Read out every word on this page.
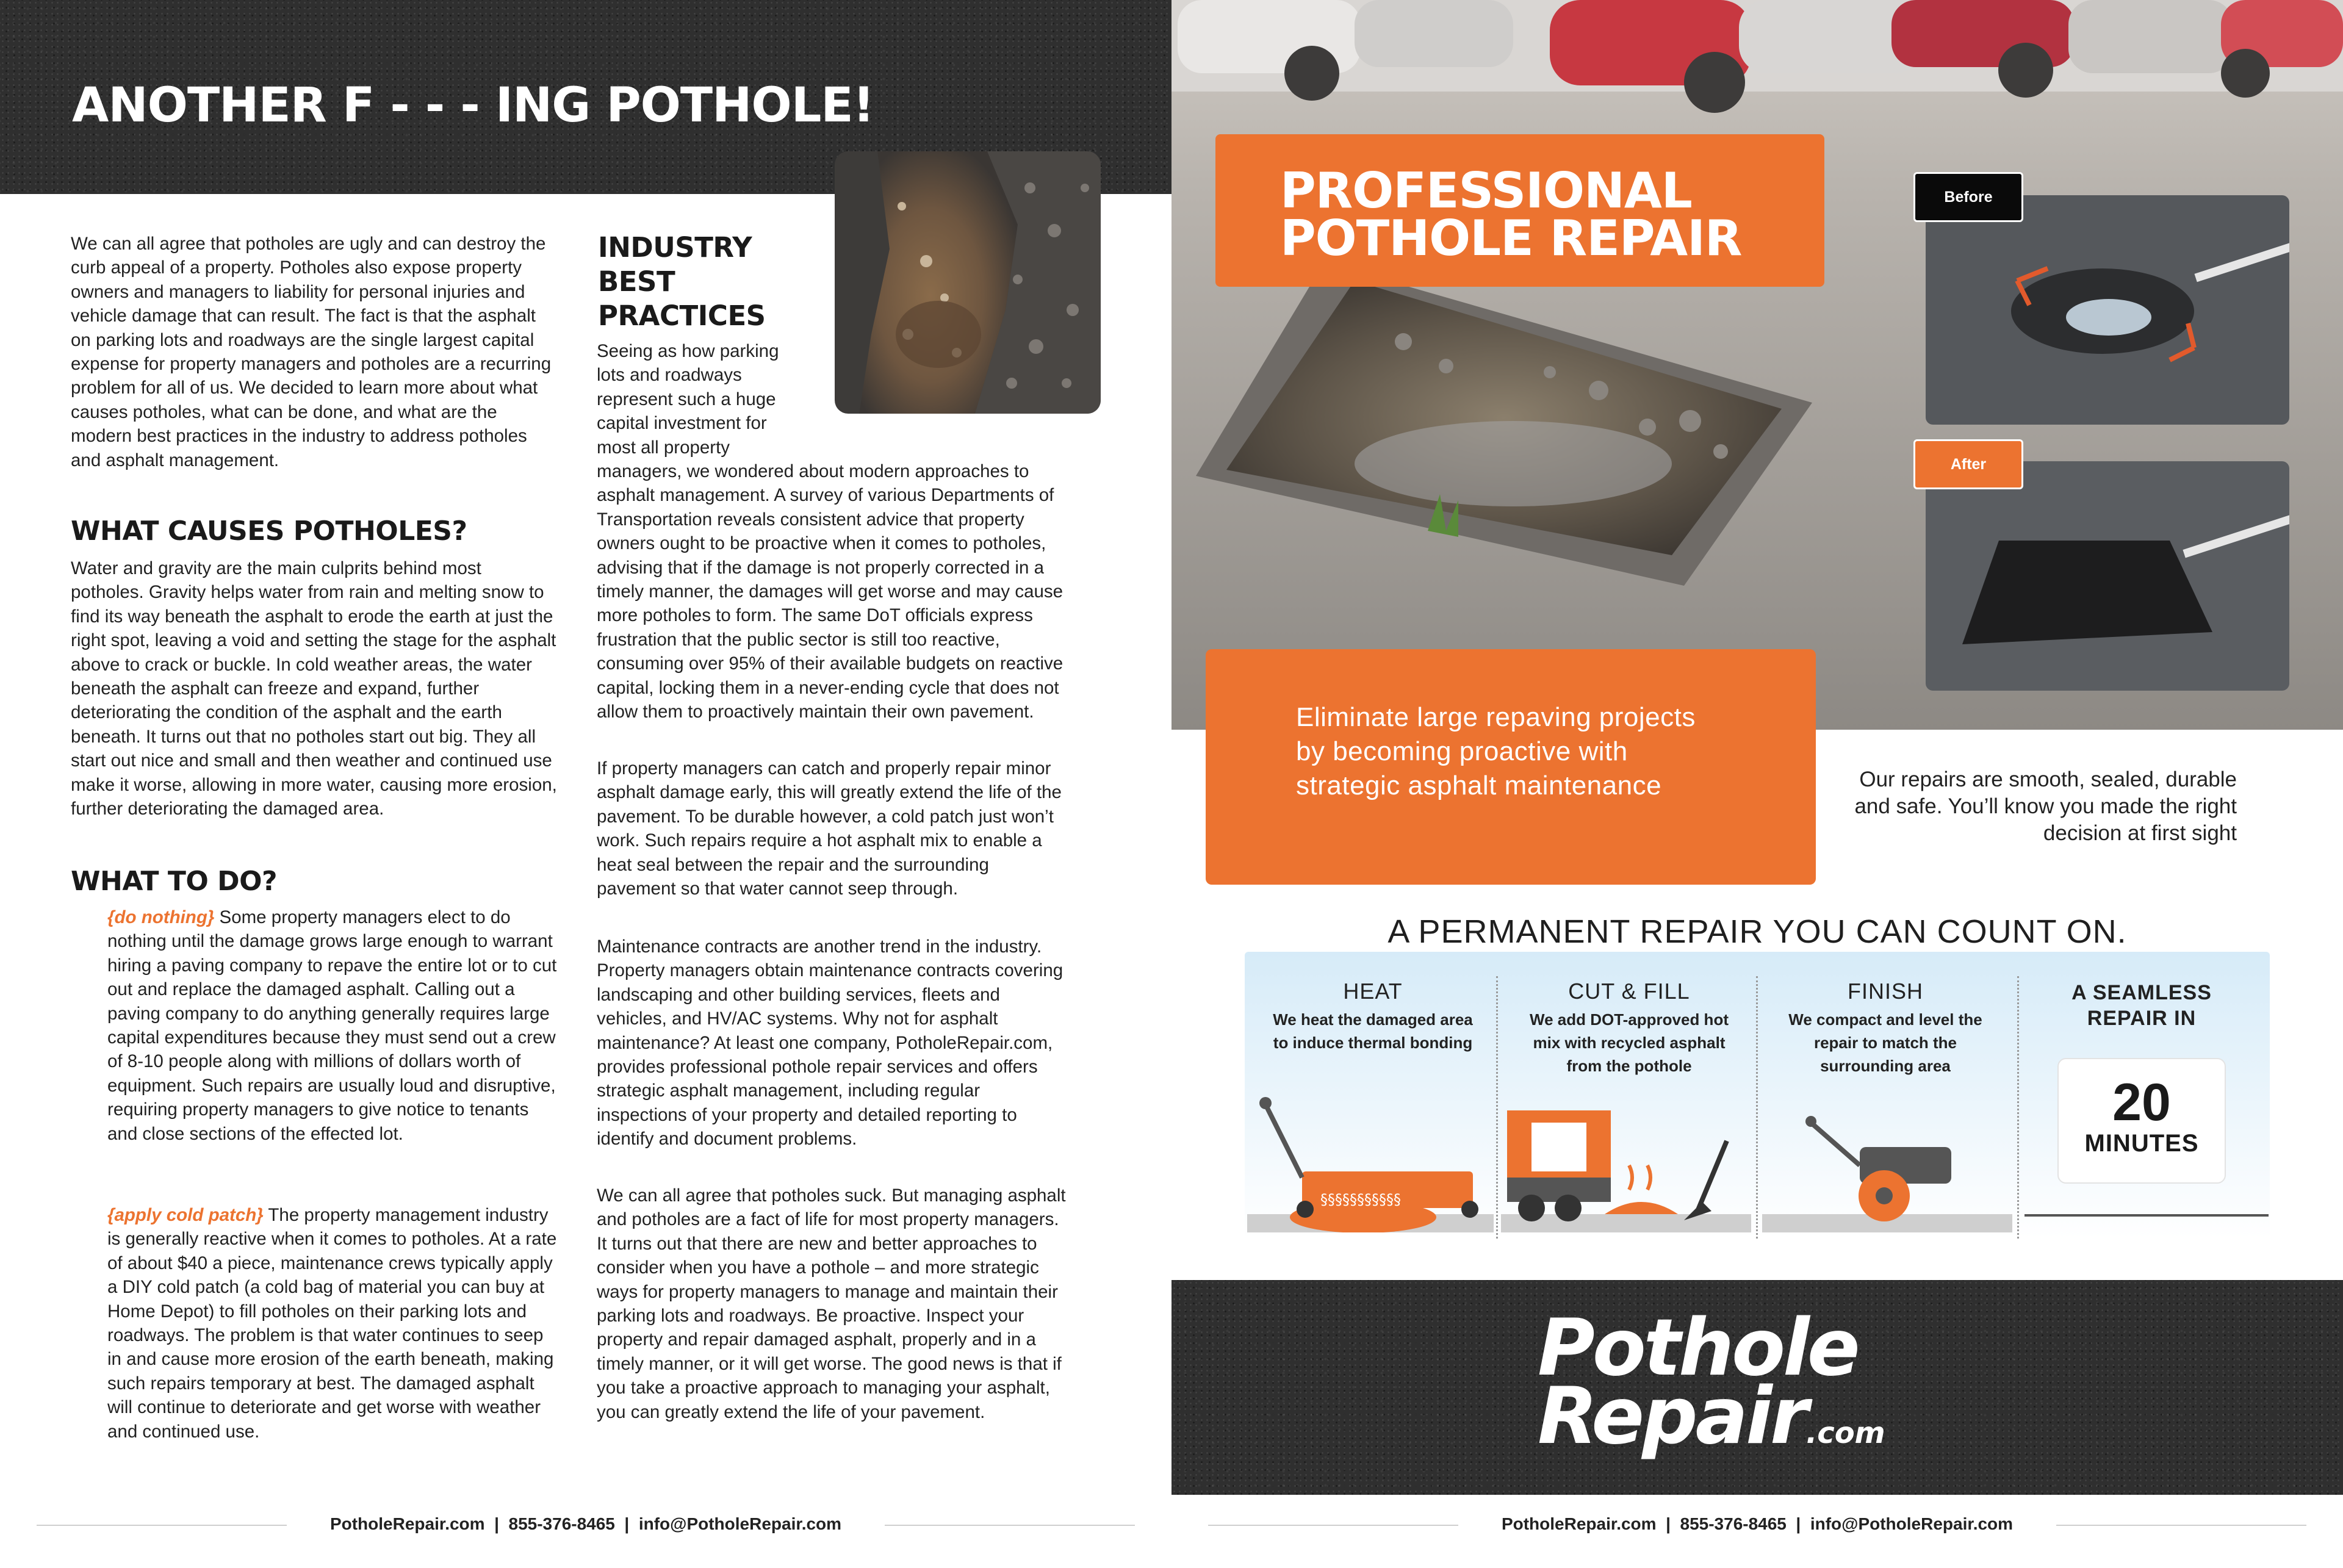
ANOTHER F - - - ING POTHOLE!
We can all agree that potholes are ugly and can destroy the curb appeal of a property. Potholes also expose property owners and managers to liability for personal injuries and vehicle damage that can result. The fact is that the asphalt on parking lots and roadways are the single largest capital expense for property managers and potholes are a recurring problem for all of us. We decided to learn more about what causes potholes, what can be done, and what are the modern best practices in the industry to address potholes and asphalt management.
WHAT CAUSES POTHOLES?
Water and gravity are the main culprits behind most potholes. Gravity helps water from rain and melting snow to find its way beneath the asphalt to erode the earth at just the right spot, leaving a void and setting the stage for the asphalt above to crack or buckle. In cold weather areas, the water beneath the asphalt can freeze and expand, further deteriorating the condition of the asphalt and the earth beneath. It turns out that no potholes start out big. They all start out nice and small and then weather and continued use make it worse, allowing in more water, causing more erosion, further deteriorating the damaged area.
WHAT TO DO?
{do nothing} Some property managers elect to do nothing until the damage grows large enough to warrant hiring a paving company to repave the entire lot or to cut out and replace the damaged asphalt. Calling out a paving company to do anything generally requires large capital expenditures because they must send out a crew of 8-10 people along with millions of dollars worth of equipment. Such repairs are usually loud and disruptive, requiring property managers to give notice to tenants and close sections of the effected lot.
{apply cold patch} The property management industry is generally reactive when it comes to potholes. At a rate of about $40 a piece, maintenance crews typically apply a DIY cold patch (a cold bag of material you can buy at Home Depot) to fill potholes on their parking lots and roadways. The problem is that water continues to seep in and cause more erosion of the earth beneath, making such repairs temporary at best. The damaged asphalt will continue to deteriorate and get worse with weather and continued use.
INDUSTRY BEST PRACTICES
Seeing as how parking lots and roadways represent such a huge capital investment for most all property managers, we wondered about modern approaches to asphalt management. A survey of various Departments of Transportation reveals consistent advice that property owners ought to be proactive when it comes to potholes, advising that if the damage is not properly corrected in a timely manner, the damages will get worse and may cause more potholes to form. The same DoT officials express frustration that the public sector is still too reactive, consuming over 95% of their available budgets on reactive capital, locking them in a never-ending cycle that does not allow them to proactively maintain their own pavement.
If property managers can catch and properly repair minor asphalt damage early, this will greatly extend the life of the pavement. To be durable however, a cold patch just won’t work. Such repairs require a hot asphalt mix to enable a heat seal between the repair and the surrounding pavement so that water cannot seep through.
Maintenance contracts are another trend in the industry. Property managers obtain maintenance contracts covering landscaping and other building services, fleets and vehicles, and HV/AC systems. Why not for asphalt maintenance? At least one company, PotholeRepair.com, provides professional pothole repair services and offers strategic asphalt management, including regular inspections of your property and detailed reporting to identify and document problems.
We can all agree that potholes suck. But managing asphalt and potholes are a fact of life for most property managers. It turns out that there are new and better approaches to consider when you have a pothole – and more strategic ways for property managers to manage and maintain their parking lots and roadways. Be proactive. Inspect your property and repair damaged asphalt, properly and in a timely manner, or it will get worse. The good news is that if you take a proactive approach to managing your asphalt, you can greatly extend the life of your pavement.
PotholeRepair.com  |  855-376-8465  |  info@PotholeRepair.com
PROFESSIONAL
POTHOLE REPAIR
Before
After
Eliminate large repaving projects by becoming proactive with strategic asphalt maintenance	Our repairs are smooth, sealed, durable and safe. You’ll know you made the right decision at first sight
A PERMANENT REPAIR YOU CAN COUNT ON.
HEAT
We heat the damaged area to induce thermal bonding
CUT & FILL
We add DOT-approved hot mix with recycled asphalt from the pothole
FINISH
We compact and level the repair to match the surrounding area
A SEAMLESS REPAIR IN
20
MINUTES
§§§§§§§§§§§
Pothole
Repair.com
PotholeRepair.com  |  855-376-8465  |  info@PotholeRepair.com
